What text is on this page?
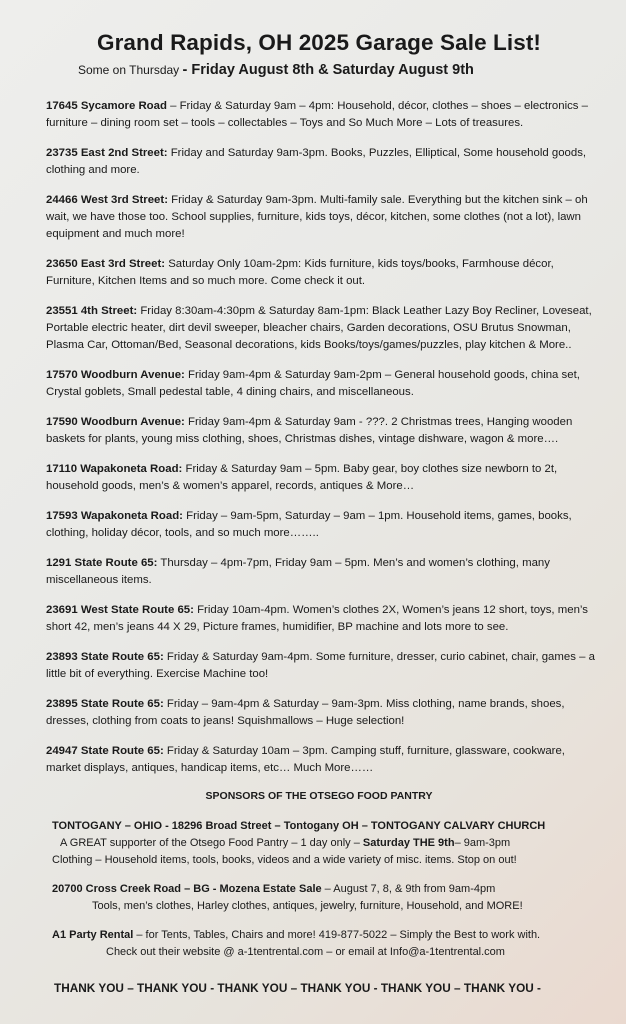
Grand Rapids, OH 2025 Garage Sale List!
Some on Thursday - Friday August 8th & Saturday August 9th
17645 Sycamore Road – Friday & Saturday 9am – 4pm: Household, décor, clothes – shoes – electronics – furniture – dining room set – tools – collectables – Toys and So Much More – Lots of treasures.
23735 East 2nd Street: Friday and Saturday 9am-3pm. Books, Puzzles, Elliptical, Some household goods, clothing and more.
24466 West 3rd Street: Friday & Saturday 9am-3pm. Multi-family sale. Everything but the kitchen sink – oh wait, we have those too. School supplies, furniture, kids toys, décor, kitchen, some clothes (not a lot), lawn equipment and much more!
23650 East 3rd Street: Saturday Only 10am-2pm: Kids furniture, kids toys/books, Farmhouse décor, Furniture, Kitchen Items and so much more. Come check it out.
23551 4th Street: Friday 8:30am-4:30pm & Saturday 8am-1pm: Black Leather Lazy Boy Recliner, Loveseat, Portable electric heater, dirt devil sweeper, bleacher chairs, Garden decorations, OSU Brutus Snowman, Plasma Car, Ottoman/Bed, Seasonal decorations, kids Books/toys/games/puzzles, play kitchen & More..
17570 Woodburn Avenue: Friday 9am-4pm & Saturday 9am-2pm – General household goods, china set, Crystal goblets, Small pedestal table, 4 dining chairs, and miscellaneous.
17590 Woodburn Avenue: Friday 9am-4pm & Saturday 9am - ???. 2 Christmas trees, Hanging wooden baskets for plants, young miss clothing, shoes, Christmas dishes, vintage dishware, wagon & more….
17110 Wapakoneta Road: Friday & Saturday 9am – 5pm. Baby gear, boy clothes size newborn to 2t, household goods, men’s & women’s apparel, records, antiques & More…
17593 Wapakoneta Road: Friday – 9am-5pm, Saturday – 9am – 1pm. Household items, games, books, clothing, holiday décor, tools, and so much more……..
1291 State Route 65: Thursday – 4pm-7pm, Friday 9am – 5pm. Men’s and women’s clothing, many miscellaneous items.
23691 West State Route 65: Friday 10am-4pm. Women’s clothes 2X, Women’s jeans 12 short, toys, men’s short 42, men’s jeans 44 X 29, Picture frames, humidifier, BP machine and lots more to see.
23893 State Route 65: Friday & Saturday 9am-4pm. Some furniture, dresser, curio cabinet, chair, games – a little bit of everything. Exercise Machine too!
23895 State Route 65: Friday – 9am-4pm & Saturday – 9am-3pm. Miss clothing, name brands, shoes, dresses, clothing from coats to jeans! Squishmallows – Huge selection!
24947 State Route 65: Friday & Saturday 10am – 3pm. Camping stuff, furniture, glassware, cookware, market displays, antiques, handicap items, etc… Much More……
SPONSORS OF THE OTSEGO FOOD PANTRY
TONTOGANY – OHIO - 18296 Broad Street – Tontogany OH – TONTOGANY CALVARY CHURCH
A GREAT supporter of the Otsego Food Pantry – 1 day only – Saturday THE 9th– 9am-3pm
Clothing – Household items, tools, books, videos and a wide variety of misc. items. Stop on out!
20700 Cross Creek Road – BG - Mozena Estate Sale – August 7, 8, & 9th from 9am-4pm
Tools, men’s clothes, Harley clothes, antiques, jewelry, furniture, Household, and MORE!
A1 Party Rental – for Tents, Tables, Chairs and more! 419-877-5022 – Simply the Best to work with.
Check out their website @ a-1tentrental.com – or email at Info@a-1tentrental.com
THANK YOU – THANK YOU - THANK YOU – THANK YOU - THANK YOU – THANK YOU -
